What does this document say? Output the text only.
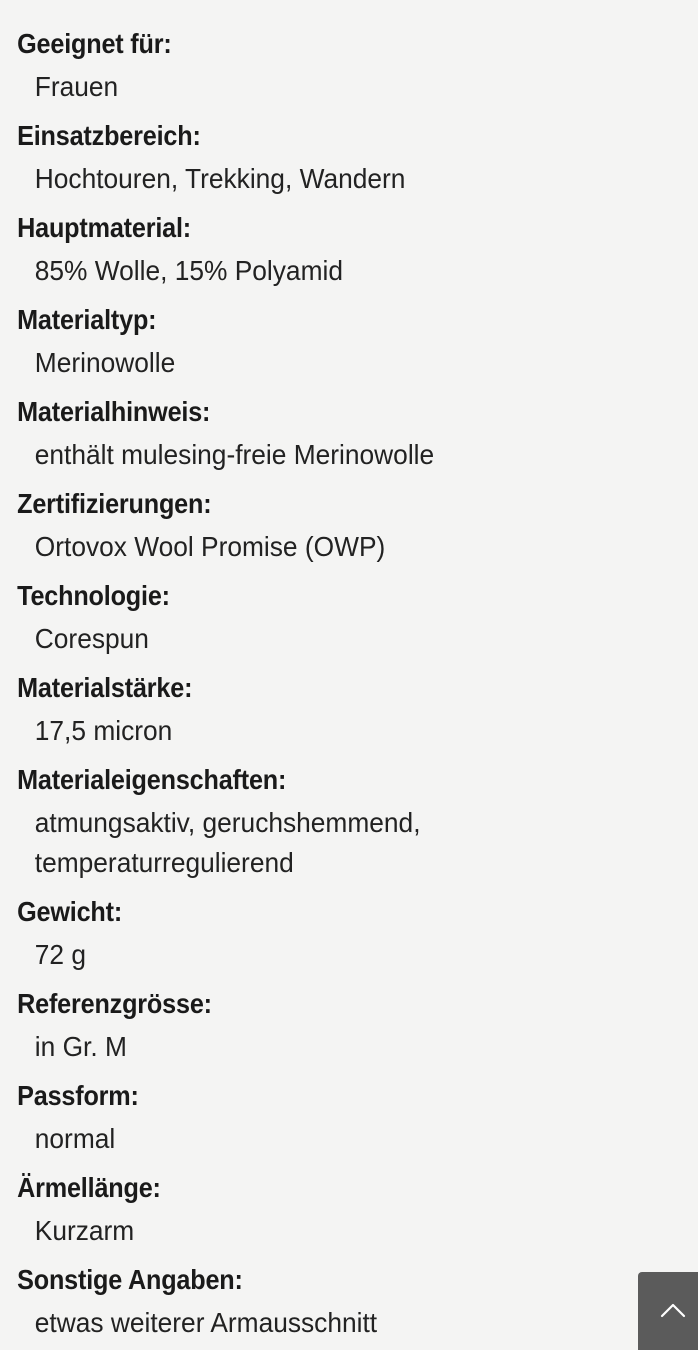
Geeignet für:
Frauen
Einsatzbereich:
Hochtouren, Trekking, Wandern
Hauptmaterial:
85% Wolle, 15% Polyamid
Materialtyp:
Merinowolle
Materialhinweis:
enthält mulesing-freie Merinowolle
Zertifizierungen:
Ortovox Wool Promise (OWP)
Technologie:
Corespun
Materialstärke:
17,5 micron
Materialeigenschaften:
atmungsaktiv, geruchshemmend,
temperaturregulierend
Gewicht:
72 g
Referenzgrösse:
in Gr. M
Passform:
normal
Ärmellänge:
Kurzarm
Sonstige Angaben:
etwas weiterer Armausschnitt
